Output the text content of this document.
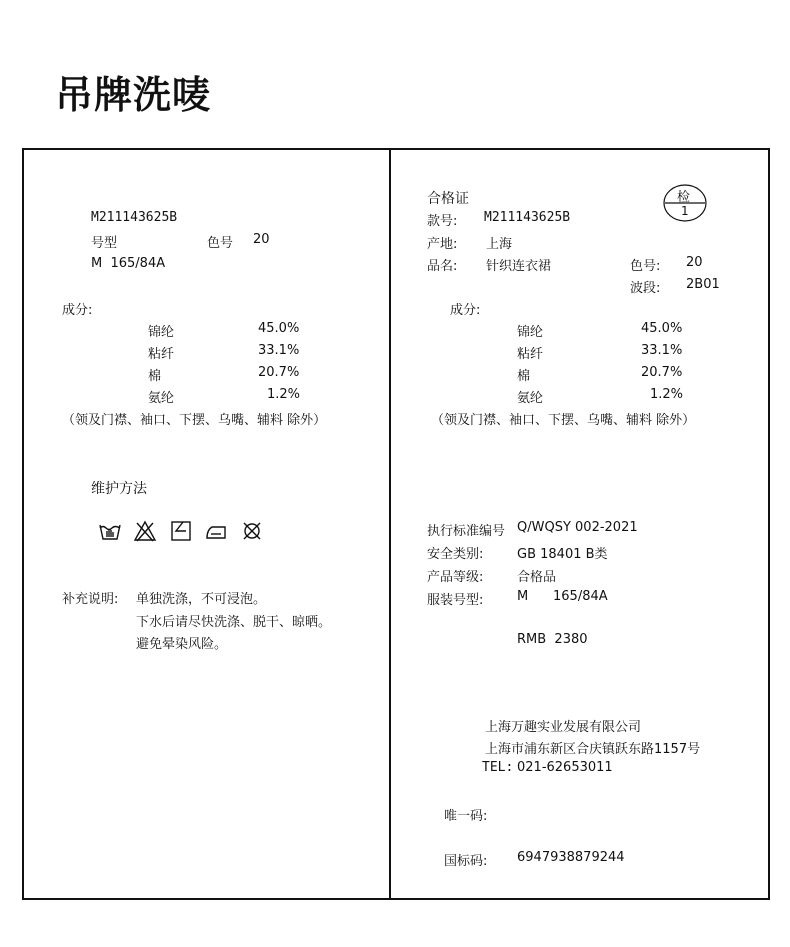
吊牌洗唛
M211143625B
号型	色号 20
M  165/84A
成分:
锦纶	45.0%
粘纤	33.1%
棉	20.7%
氨纶	1.2%
（领及门襟、袖口、下摆、乌嘴、辅料 除外）
维护方法
补充说明: 单独洗涤，不可浸泡。
下水后请尽快洗涤、脱干、晾晒。
避免晕染风险。
合格证	检
1
款号: M211143625B
产地: 上海
品名: 针织连衣裙	色号: 20
波段: 2B01
成分:
锦纶	45.0%
粘纤	33.1%
棉	20.7%
氨纶	1.2%
（领及门襟、袖口、下摆、乌嘴、辅料 除外）
执行标准编号 Q/WQSY 002-2021
安全类别:	GB 18401 B类
产品等级:	合格品
服装号型:	M      165/84A
RMB  2380
上海万趣实业发展有限公司
上海市浦东新区合庆镇跃东路1157号
TEL: 021-62653011
唯一码:
国标码: 6947938879244
